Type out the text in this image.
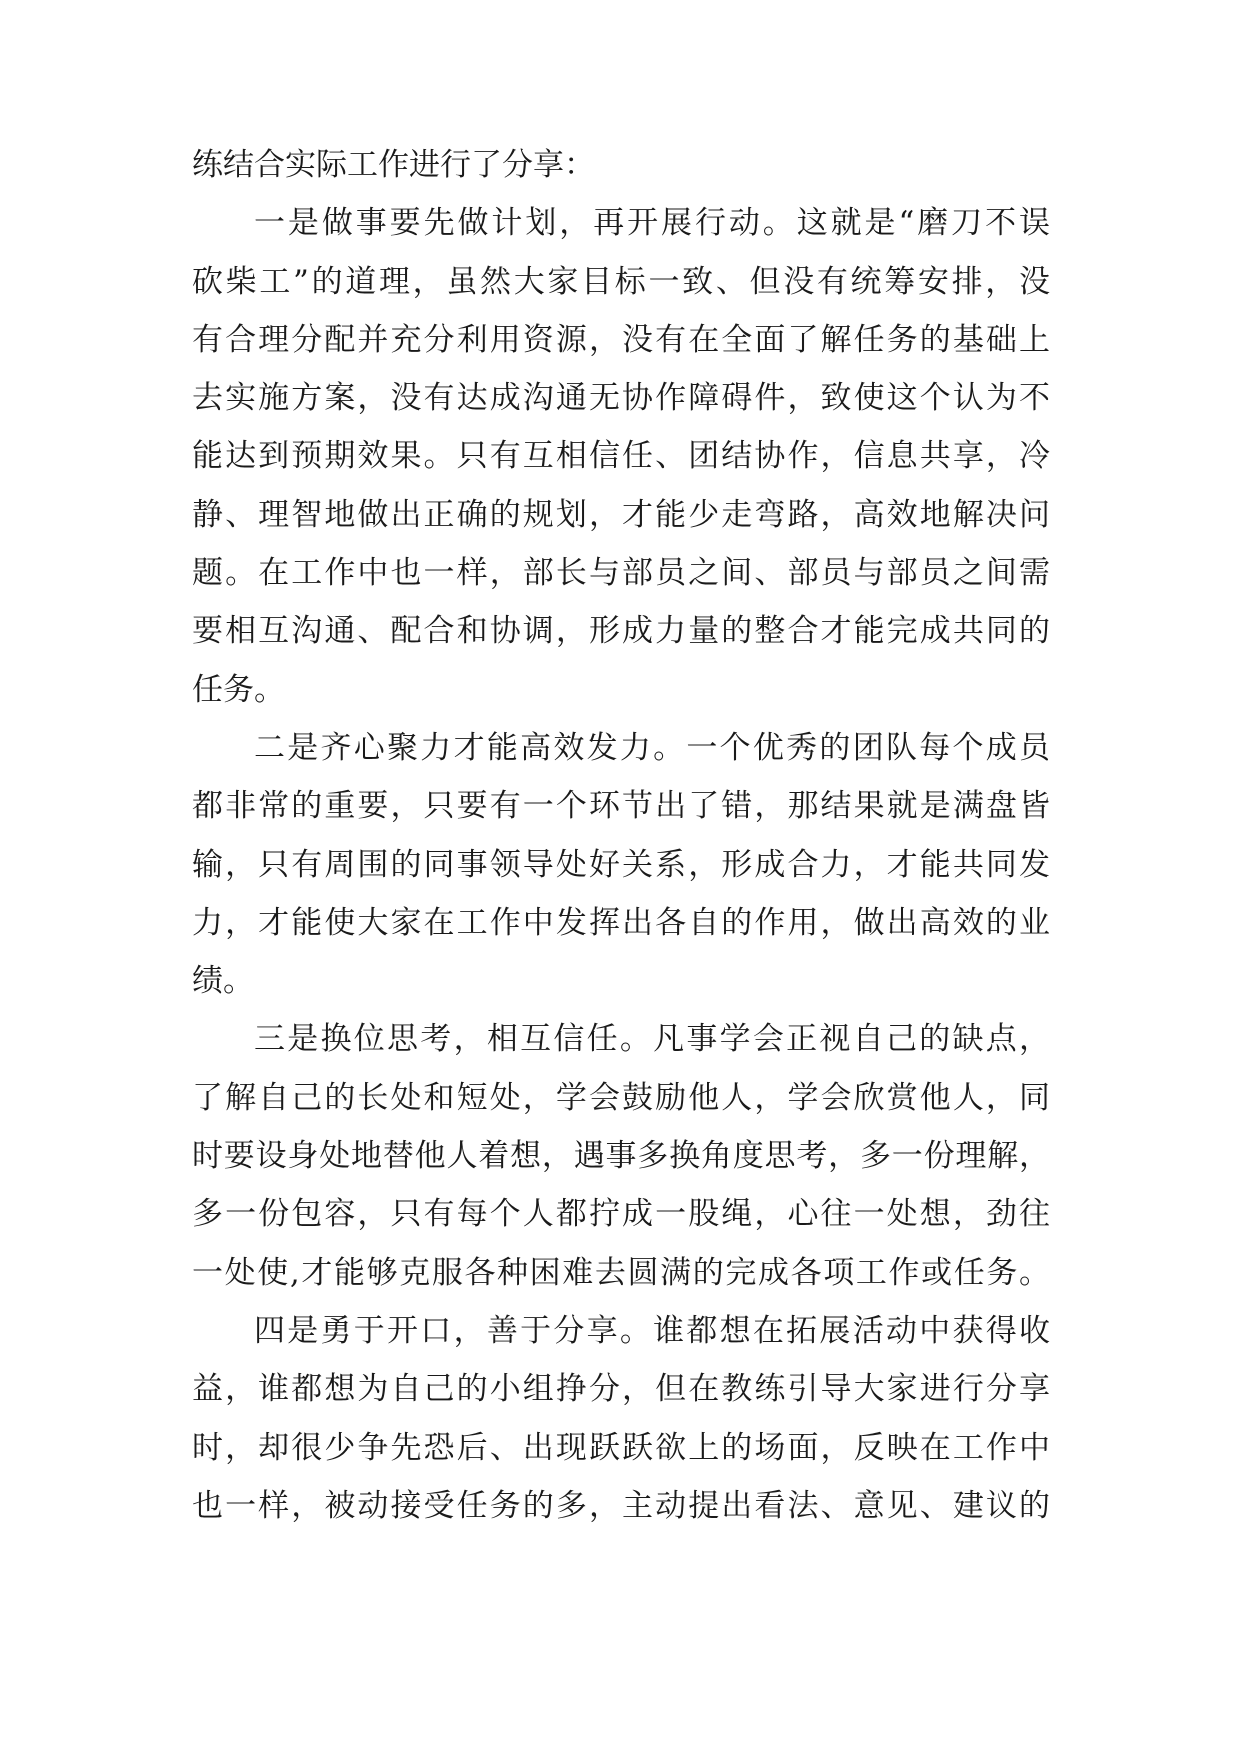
练结合实际工作进行了分享：
一是做事要先做计划，再开展行动。这就是“磨刀不误
砍柴工”的道理，虽然大家目标一致、但没有统筹安排，没
有合理分配并充分利用资源，没有在全面了解任务的基础上
去实施方案，没有达成沟通无协作障碍件，致使这个认为不
能达到预期效果。只有互相信任、团结协作，信息共享，冷
静、理智地做出正确的规划，才能少走弯路，高效地解决问
题。在工作中也一样，部长与部员之间、部员与部员之间需
要相互沟通、配合和协调，形成力量的整合才能完成共同的
任务。
二是齐心聚力才能高效发力。一个优秀的团队每个成员
都非常的重要，只要有一个环节出了错，那结果就是满盘皆
输，只有周围的同事领导处好关系，形成合力，才能共同发
力，才能使大家在工作中发挥出各自的作用，做出高效的业
绩。
三是换位思考，相互信任。凡事学会正视自己的缺点，
了解自己的长处和短处，学会鼓励他人，学会欣赏他人，同
时要设身处地替他人着想，遇事多换角度思考，多一份理解，
多一份包容，只有每个人都拧成一股绳，心往一处想，劲往
一处使,才能够克服各种困难去圆满的完成各项工作或任务。
四是勇于开口，善于分享。谁都想在拓展活动中获得收
益，谁都想为自己的小组挣分，但在教练引导大家进行分享
时，却很少争先恐后、出现跃跃欲上的场面，反映在工作中
也一样，被动接受任务的多，主动提出看法、意见、建议的
